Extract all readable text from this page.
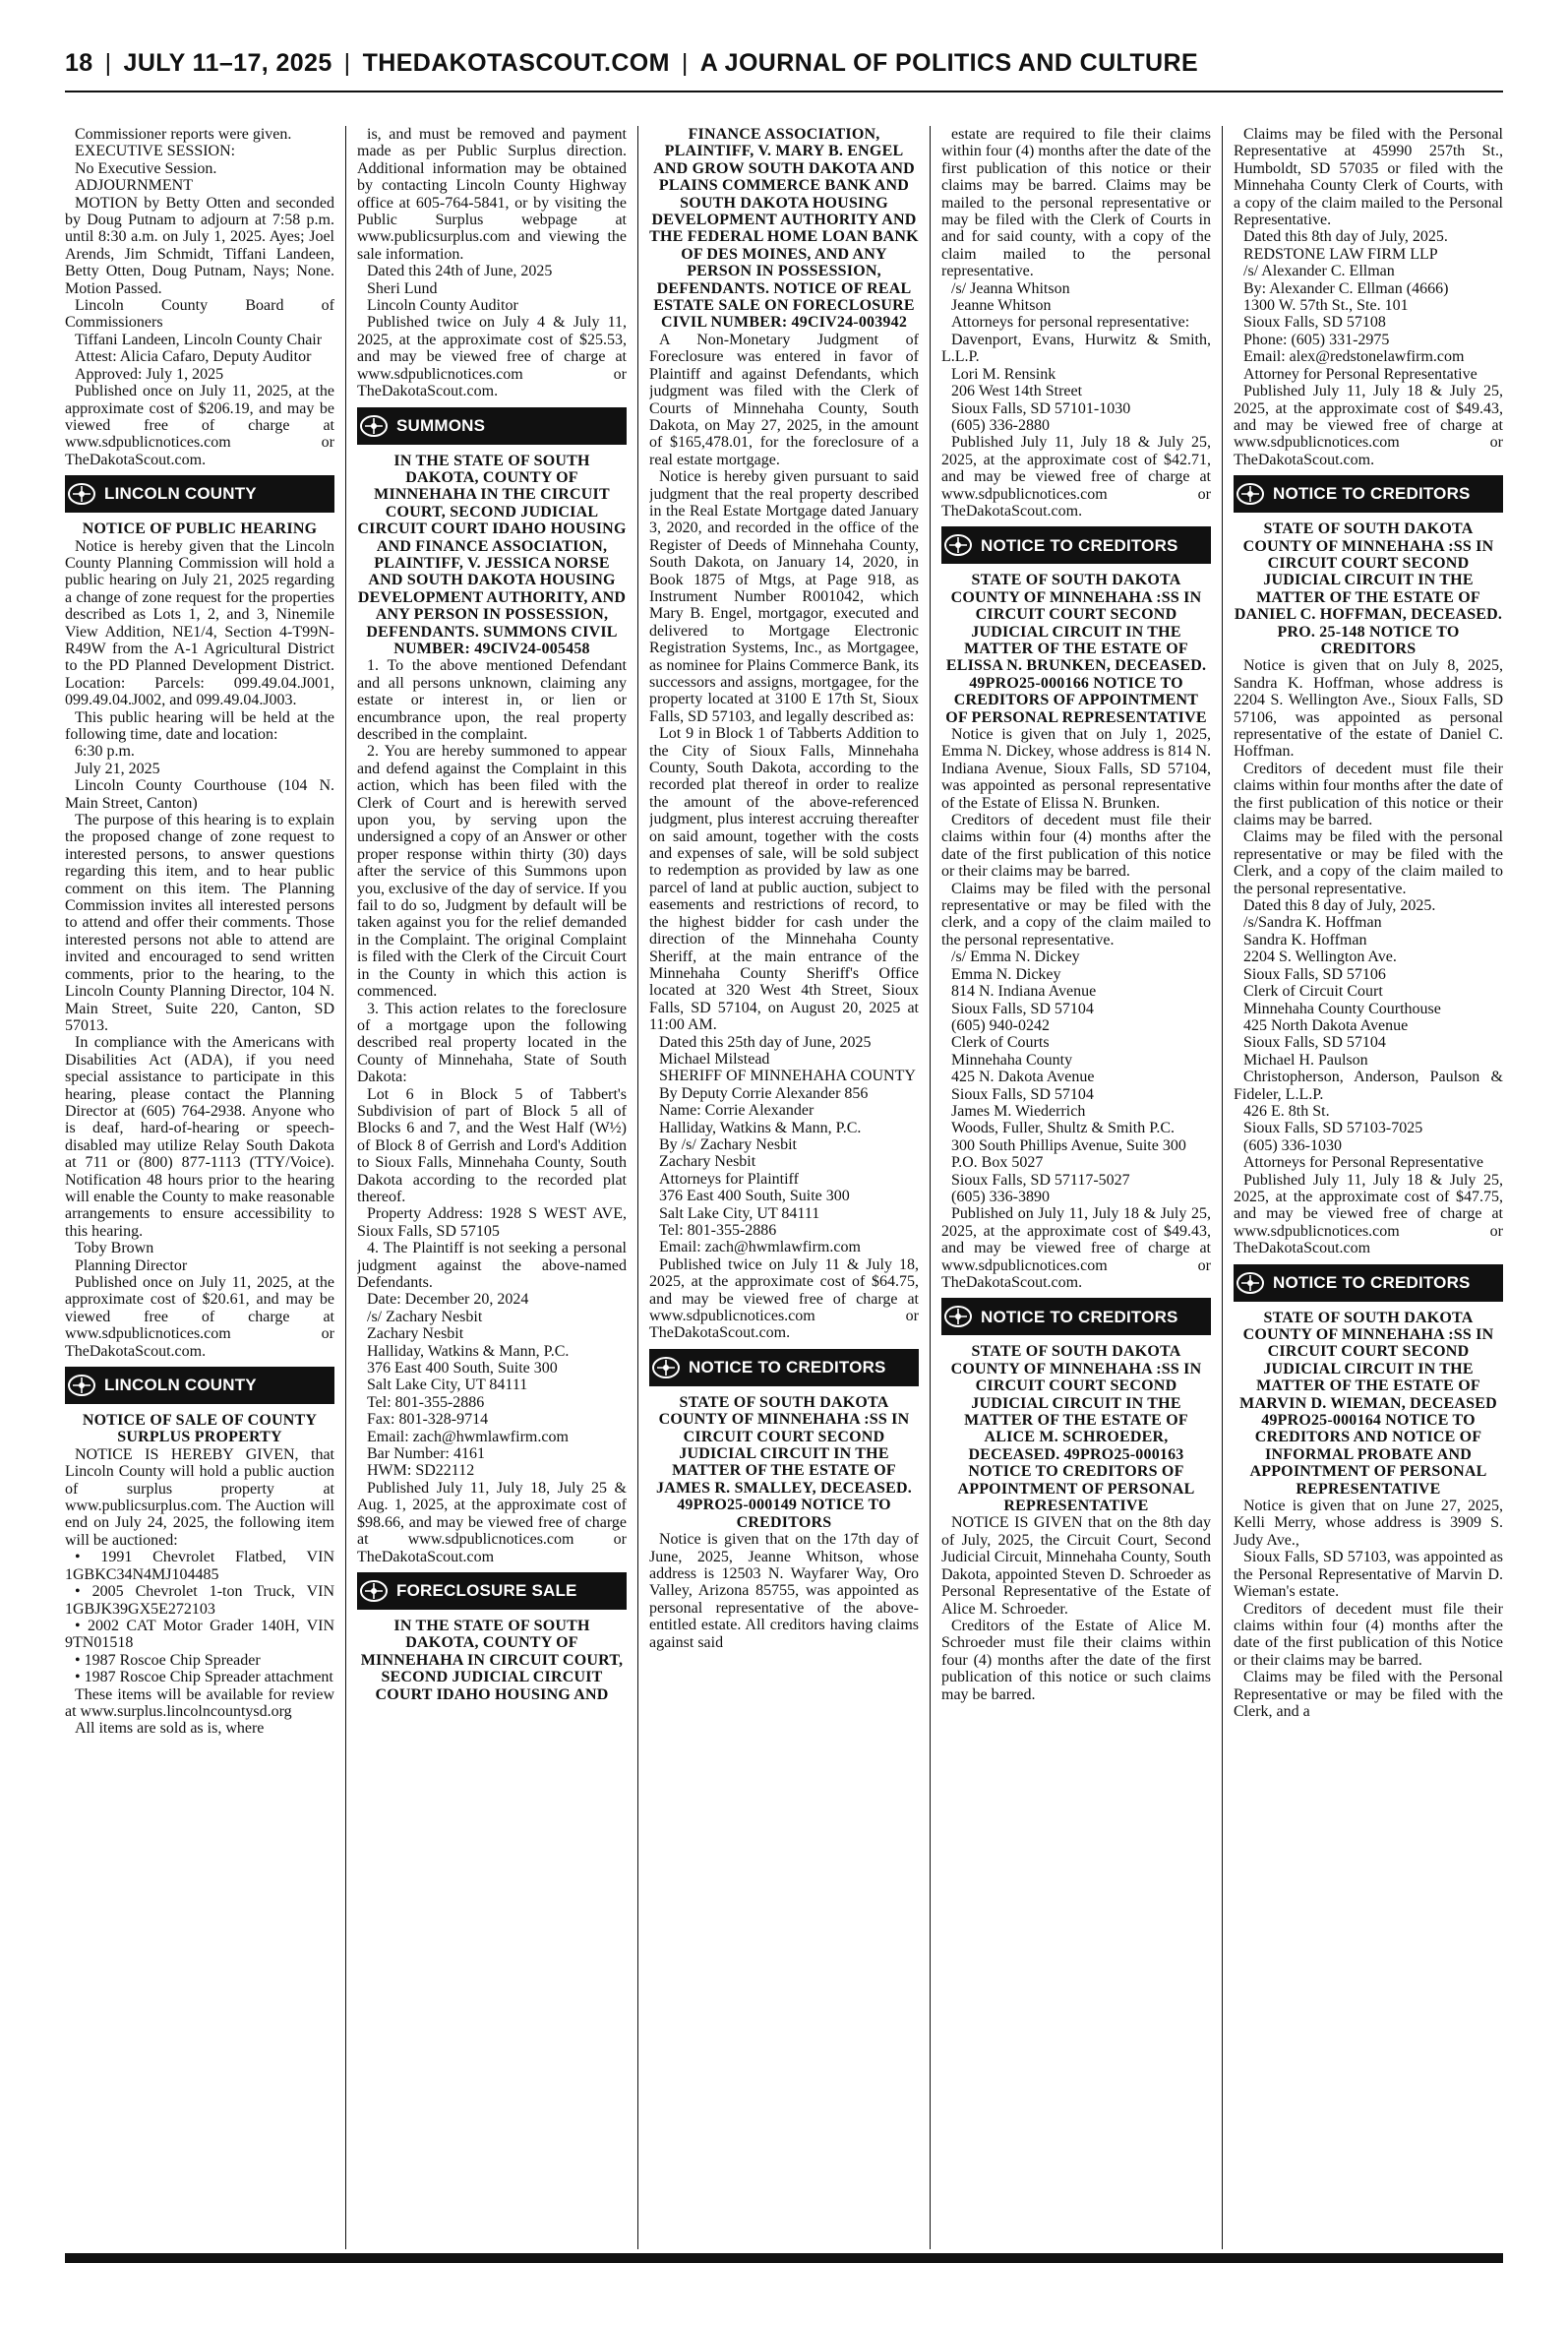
18 | JULY 11–17, 2025 | THEDAKOTASCOUT.COM | A JOURNAL OF POLITICS AND CULTURE

Commissioner reports were given.

EXECUTIVE SESSION:

No Executive Session.

ADJOURNMENT

MOTION by Betty Otten and seconded by Doug Putnam to adjourn at 7:58 p.m. until 8:30 a.m. on July 1, 2025. Ayes; Joel Arends, Jim Schmidt, Tiffani Landeen, Betty Otten, Doug Putnam, Nays; None. Motion Passed.

Lincoln County Board of Commissioners

Tiffani Landeen, Lincoln County Chair

Attest: Alicia Cafaro, Deputy Auditor

Approved: July 1, 2025

Published once on July 11, 2025, at the approximate cost of $206.19, and may be viewed free of charge at www.sdpublicnotices.com or TheDakotaScout.com.

LINCOLN COUNTY

NOTICE OF PUBLIC HEARING

Notice is hereby given that the Lincoln County Planning Commission will hold a public hearing on July 21, 2025 regarding a change of zone request for the properties described as Lots 1, 2, and 3, Ninemile View Addition, NE1/4, Section 4-T99N-R49W from the A-1 Agricultural District to the PD Planned Development District. Location: Parcels: 099.49.04.J001, 099.49.04.J002, and 099.49.04.J003.

This public hearing will be held at the following time, date and location:

6:30 p.m.

July 21, 2025

Lincoln County Courthouse (104 N. Main Street, Canton)

The purpose of this hearing is to explain the proposed change of zone request to interested persons, to answer questions regarding this item, and to hear public comment on this item. The Planning Commission invites all interested persons to attend and offer their comments. Those interested persons not able to attend are invited and encouraged to send written comments, prior to the hearing, to the Lincoln County Planning Director, 104 N. Main Street, Suite 220, Canton, SD 57013.

In compliance with the Americans with Disabilities Act (ADA), if you need special assistance to participate in this hearing, please contact the Planning Director at (605) 764-2938. Anyone who is deaf, hard-of-hearing or speech-disabled may utilize Relay South Dakota at 711 or (800) 877-1113 (TTY/Voice). Notification 48 hours prior to the hearing will enable the County to make reasonable arrangements to ensure accessibility to this hearing.

Toby Brown

Planning Director

Published once on July 11, 2025, at the approximate cost of $20.61, and may be viewed free of charge at www.sdpublicnotices.com or TheDakotaScout.com.

LINCOLN COUNTY

NOTICE OF SALE OF COUNTY SURPLUS PROPERTY

NOTICE IS HEREBY GIVEN, that Lincoln County will hold a public auction of surplus property at www.publicsurplus.com. The Auction will end on July 24, 2025, the following item will be auctioned:

• 1991 Chevrolet Flatbed, VIN 1GBKC34N4MJ104485

• 2005 Chevrolet 1-ton Truck, VIN 1GBJK39GX5E272103

• 2002 CAT Motor Grader 140H, VIN 9TN01518

• 1987 Roscoe Chip Spreader

• 1987 Roscoe Chip Spreader attachment

These items will be available for review at www.surplus.lincolncountysd.org

All items are sold as is, where

is, and must be removed and payment made as per Public Surplus direction. Additional information may be obtained by contacting Lincoln County Highway office at 605-764-5841, or by visiting the Public Surplus webpage at www.publicsurplus.com and viewing the sale information.

Dated this 24th of June, 2025

Sheri Lund

Lincoln County Auditor

Published twice on July 4 & July 11, 2025, at the approximate cost of $25.53, and may be viewed free of charge at www.sdpublicnotices.com or TheDakotaScout.com.

SUMMONS

IN THE STATE OF SOUTH DAKOTA, COUNTY OF MINNEHAHA IN THE CIRCUIT COURT, SECOND JUDICIAL CIRCUIT COURT IDAHO HOUSING AND FINANCE ASSOCIATION, PLAINTIFF, V. JESSICA NORSE AND SOUTH DAKOTA HOUSING DEVELOPMENT AUTHORITY, AND ANY PERSON IN POSSESSION, DEFENDANTS. SUMMONS CIVIL NUMBER: 49CIV24-005458

1. To the above mentioned Defendant and all persons unknown, claiming any estate or interest in, or lien or encumbrance upon, the real property described in the complaint.

2. You are hereby summoned to appear and defend against the Complaint in this action, which has been filed with the Clerk of Court and is herewith served upon you, by serving upon the undersigned a copy of an Answer or other proper response within thirty (30) days after the service of this Summons upon you, exclusive of the day of service. If you fail to do so, Judgment by default will be taken against you for the relief demanded in the Complaint. The original Complaint is filed with the Clerk of the Circuit Court in the County in which this action is commenced.

3. This action relates to the foreclosure of a mortgage upon the following described real property located in the County of Minnehaha, State of South Dakota:

Lot 6 in Block 5 of Tabbert's Subdivision of part of Block 5 all of Blocks 6 and 7, and the West Half (W½) of Block 8 of Gerrish and Lord's Addition to Sioux Falls, Minnehaha County, South Dakota according to the recorded plat thereof.

Property Address: 1928 S WEST AVE, Sioux Falls, SD 57105

4. The Plaintiff is not seeking a personal judgment against the above-named Defendants.

Date: December 20, 2024

/s/ Zachary Nesbit

Zachary Nesbit

Halliday, Watkins & Mann, P.C.

376 East 400 South, Suite 300

Salt Lake City, UT 84111

Tel: 801-355-2886

Fax: 801-328-9714

Email: zach@hwmlawfirm.com

Bar Number: 4161

HWM: SD22112

Published July 11, July 18, July 25 & Aug. 1, 2025, at the approximate cost of $98.66, and may be viewed free of charge at www.sdpublicnotices.com or TheDakotaScout.com

FORECLOSURE SALE

IN THE STATE OF SOUTH DAKOTA, COUNTY OF MINNEHAHA IN CIRCUIT COURT, SECOND JUDICIAL CIRCUIT COURT IDAHO HOUSING AND

FINANCE ASSOCIATION, PLAINTIFF, V. MARY B. ENGEL AND GROW SOUTH DAKOTA AND PLAINS COMMERCE BANK AND SOUTH DAKOTA HOUSING DEVELOPMENT AUTHORITY AND THE FEDERAL HOME LOAN BANK OF DES MOINES, AND ANY PERSON IN POSSESSION, DEFENDANTS. NOTICE OF REAL ESTATE SALE ON FORECLOSURE CIVIL NUMBER: 49CIV24-003942

A Non-Monetary Judgment of Foreclosure was entered in favor of Plaintiff and against Defendants, which judgment was filed with the Clerk of Courts of Minnehaha County, South Dakota, on May 27, 2025, in the amount of $165,478.01, for the foreclosure of a real estate mortgage.

Notice is hereby given pursuant to said judgment that the real property described in the Real Estate Mortgage dated January 3, 2020, and recorded in the office of the Register of Deeds of Minnehaha County, South Dakota, on January 14, 2020, in Book 1875 of Mtgs, at Page 918, as Instrument Number R001042, which Mary B. Engel, mortgagor, executed and delivered to Mortgage Electronic Registration Systems, Inc., as Mortgagee, as nominee for Plains Commerce Bank, its successors and assigns, mortgagee, for the property located at 3100 E 17th St, Sioux Falls, SD 57103, and legally described as:

Lot 9 in Block 1 of Tabberts Addition to the City of Sioux Falls, Minnehaha County, South Dakota, according to the recorded plat thereof in order to realize the amount of the above-referenced judgment, plus interest accruing thereafter on said amount, together with the costs and expenses of sale, will be sold subject to redemption as provided by law as one parcel of land at public auction, subject to easements and restrictions of record, to the highest bidder for cash under the direction of the Minnehaha County Sheriff, at the main entrance of the Minnehaha County Sheriff's Office located at 320 West 4th Street, Sioux Falls, SD 57104, on August 20, 2025 at 11:00 AM.

Dated this 25th day of June, 2025

Michael Milstead

SHERIFF OF MINNEHAHA COUNTY

By Deputy Corrie Alexander 856

Name: Corrie Alexander

Halliday, Watkins & Mann, P.C.

By /s/ Zachary Nesbit

Zachary Nesbit

Attorneys for Plaintiff

376 East 400 South, Suite 300

Salt Lake City, UT 84111

Tel: 801-355-2886

Email: zach@hwmlawfirm.com

Published twice on July 11 & July 18, 2025, at the approximate cost of $64.75, and may be viewed free of charge at www.sdpublicnotices.com or TheDakotaScout.com.

NOTICE TO CREDITORS

STATE OF SOUTH DAKOTA COUNTY OF MINNEHAHA :SS IN CIRCUIT COURT SECOND JUDICIAL CIRCUIT IN THE MATTER OF THE ESTATE OF JAMES R. SMALLEY, DECEASED. 49PRO25-000149 NOTICE TO CREDITORS

Notice is given that on the 17th day of June, 2025, Jeanne Whitson, whose address is 12503 N. Wayfarer Way, Oro Valley, Arizona 85755, was appointed as personal representative of the above-entitled estate. All creditors having claims against said

estate are required to file their claims within four (4) months after the date of the first publication of this notice or their claims may be barred. Claims may be mailed to the personal representative or may be filed with the Clerk of Courts in and for said county, with a copy of the claim mailed to the personal representative.

/s/ Jeanna Whitson

Jeanne Whitson

Attorneys for personal representative:

Davenport, Evans, Hurwitz & Smith, L.L.P.

Lori M. Rensink

206 West 14th Street

Sioux Falls, SD 57101-1030

(605) 336-2880

Published July 11, July 18 & July 25, 2025, at the approximate cost of $42.71, and may be viewed free of charge at www.sdpublicnotices.com or TheDakotaScout.com.

NOTICE TO CREDITORS

STATE OF SOUTH DAKOTA COUNTY OF MINNEHAHA :SS IN CIRCUIT COURT SECOND JUDICIAL CIRCUIT IN THE MATTER OF THE ESTATE OF ELISSA N. BRUNKEN, DECEASED. 49PRO25-000166 NOTICE TO CREDITORS OF APPOINTMENT OF PERSONAL REPRESENTATIVE

Notice is given that on July 1, 2025, Emma N. Dickey, whose address is 814 N. Indiana Avenue, Sioux Falls, SD 57104, was appointed as personal representative of the Estate of Elissa N. Brunken.

Creditors of decedent must file their claims within four (4) months after the date of the first publication of this notice or their claims may be barred.

Claims may be filed with the personal representative or may be filed with the clerk, and a copy of the claim mailed to the personal representative.

/s/ Emma N. Dickey

Emma N. Dickey

814 N. Indiana Avenue

Sioux Falls, SD 57104

(605) 940-0242

Clerk of Courts

Minnehaha County

425 N. Dakota Avenue

Sioux Falls, SD 57104

James M. Wiederrich

Woods, Fuller, Shultz & Smith P.C.

300 South Phillips Avenue, Suite 300

P.O. Box 5027

Sioux Falls, SD 57117-5027

(605) 336-3890

Published on July 11, July 18 & July 25, 2025, at the approximate cost of $49.43, and may be viewed free of charge at www.sdpublicnotices.com or TheDakotaScout.com.

NOTICE TO CREDITORS

STATE OF SOUTH DAKOTA COUNTY OF MINNEHAHA :SS IN CIRCUIT COURT SECOND JUDICIAL CIRCUIT IN THE MATTER OF THE ESTATE OF ALICE M. SCHROEDER, DECEASED. 49PRO25-000163 NOTICE TO CREDITORS OF APPOINTMENT OF PERSONAL REPRESENTATIVE

NOTICE IS GIVEN that on the 8th day of July, 2025, the Circuit Court, Second Judicial Circuit, Minnehaha County, South Dakota, appointed Steven D. Schroeder as Personal Representative of the Estate of Alice M. Schroeder.

Creditors of the Estate of Alice M. Schroeder must file their claims within four (4) months after the date of the first publication of this notice or such claims may be barred.

Claims may be filed with the Personal Representative at 45990 257th St., Humboldt, SD 57035 or filed with the Minnehaha County Clerk of Courts, with a copy of the claim mailed to the Personal Representative.

Dated this 8th day of July, 2025.

REDSTONE LAW FIRM LLP

/s/ Alexander C. Ellman

By: Alexander C. Ellman (4666)

1300 W. 57th St., Ste. 101

Sioux Falls, SD 57108

Phone: (605) 331-2975

Email: alex@redstonelawfirm.com

Attorney for Personal Representative

Published July 11, July 18 & July 25, 2025, at the approximate cost of $49.43, and may be viewed free of charge at www.sdpublicnotices.com or TheDakotaScout.com.

NOTICE TO CREDITORS

STATE OF SOUTH DAKOTA COUNTY OF MINNEHAHA :SS IN CIRCUIT COURT SECOND JUDICIAL CIRCUIT IN THE MATTER OF THE ESTATE OF DANIEL C. HOFFMAN, DECEASED. PRO. 25-148 NOTICE TO CREDITORS

Notice is given that on July 8, 2025, Sandra K. Hoffman, whose address is 2204 S. Wellington Ave., Sioux Falls, SD 57106, was appointed as personal representative of the estate of Daniel C. Hoffman.

Creditors of decedent must file their claims within four months after the date of the first publication of this notice or their claims may be barred.

Claims may be filed with the personal representative or may be filed with the Clerk, and a copy of the claim mailed to the personal representative.

Dated this 8 day of July, 2025.

/s/Sandra K. Hoffman

Sandra K. Hoffman

2204 S. Wellington Ave.

Sioux Falls, SD 57106

Clerk of Circuit Court

Minnehaha County Courthouse

425 North Dakota Avenue

Sioux Falls, SD 57104

Michael H. Paulson

Christopherson, Anderson, Paulson & Fideler, L.L.P.

426 E. 8th St.

Sioux Falls, SD 57103-7025

(605) 336-1030

Attorneys for Personal Representative

Published July 11, July 18 & July 25, 2025, at the approximate cost of $47.75, and may be viewed free of charge at www.sdpublicnotices.com or TheDakotaScout.com

NOTICE TO CREDITORS

STATE OF SOUTH DAKOTA COUNTY OF MINNEHAHA :SS IN CIRCUIT COURT SECOND JUDICIAL CIRCUIT IN THE MATTER OF THE ESTATE OF MARVIN D. WIEMAN, DECEASED 49PRO25-000164 NOTICE TO CREDITORS AND NOTICE OF INFORMAL PROBATE AND APPOINTMENT OF PERSONAL REPRESENTATIVE

Notice is given that on June 27, 2025, Kelli Merry, whose address is 3909 S. Judy Ave.,

Sioux Falls, SD 57103, was appointed as the Personal Representative of Marvin D. Wieman's estate.

Creditors of decedent must file their claims within four (4) months after the date of the first publication of this Notice or their claims may be barred.

Claims may be filed with the Personal Representative or may be filed with the Clerk, and a
